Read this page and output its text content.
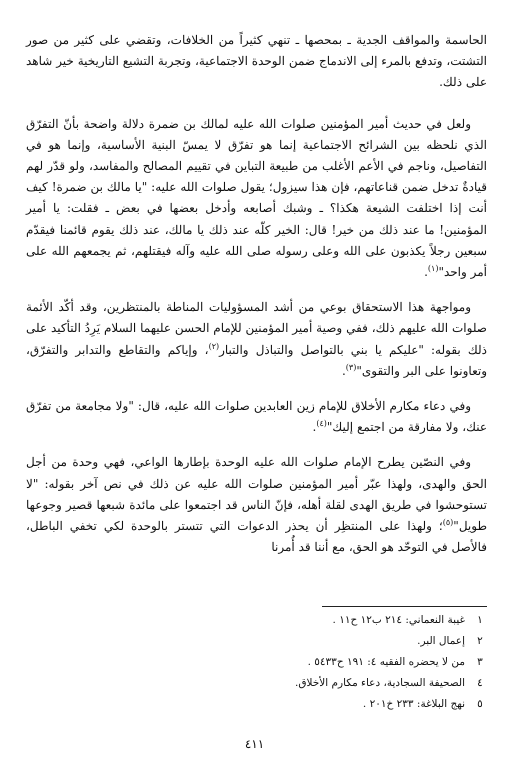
الحاسمة والمواقف الجدية ـ بمحصها ـ تنهي كثيراً من الخلافات، وتقضي على كثير من صور التشتت، وتدفع بالمرء إلى الاندماج ضمن الوحدة الاجتماعية، وتجربة التشيع التاريخية خير شاهد على ذلك.

ولعل في حديث أمير المؤمنين صلوات الله عليه لمالك بن ضمرة دلالة واضحة بأنّ التفرّق الذي نلحظه بين الشرائح الاجتماعية إنما هو تفرّق لا يمسّ البنية الأساسية، وإنما هو في التفاصيل، وناجم في الأعم الأغلب من طبيعة التباين في تقييم المصالح والمفاسد، ولو قدّر لهم قيادةٌ تدخل ضمن قناعاتهم، فإن هذا سيزول؛ يقول صلوات الله عليه: "يا مالك بن ضمرة! كيف أنت إذا اختلفت الشيعة هكذا؟ ـ وشبك أصابعه وأدخل بعضها في بعض ـ فقلت: يا أمير المؤمنين! ما عند ذلك من خير! قال: الخير كلّه عند ذلك يا مالك، عند ذلك يقوم قائمنا فيقدّم سبعين رجلاً يكذبون على الله وعلى رسوله صلى الله عليه وآله فيقتلهم، ثم يجمعهم الله على أمر واحد"$^{(١)}$.

ومواجهة هذا الاستحقاق بوعي من أشد المسؤوليات المناطة بالمنتظرين، وقد أكّد الأئمة صلوات الله عليهم ذلك، ففي وصية أمير المؤمنين للإمام الحسن عليهما السلام يَرِدُ التأكيد على ذلك بقوله: "عليكم يا بني بالتواصل والتباذل والتبار$^{(٢)}$، وإياكم والتقاطع والتدابر والتفرّق، وتعاونوا على البر والتقوى"$^{(٣)}$.

وفي دعاء مكارم الأخلاق للإمام زين العابدين صلوات الله عليه، قال: "ولا مجامعة من تفرّق عنك، ولا مفارقة من اجتمع إليك"$^{(٤)}$.

وفي النصّين يطرح الإمام صلوات الله عليه الوحدة بإطارها الواعي، فهي وحدة من أجل الحق والهدى، ولهذا عبّر أمير المؤمنين صلوات الله عليه عن ذلك في نص آخر بقوله: "لا تستوحشوا في طريق الهدى لقلة أهله، فإنّ الناس قد اجتمعوا على مائدة شبعها قصير وجوعها طويل"$^{(٥)}$؛ ولهذا على المنتظِر أن يحذر الدعوات التي تتستر بالوحدة لكي تخفي الباطل، فالأصل في التوحّد هو الحق، مع أننا قد أُمرنا

١
غيبة النعماني: ٢١٤ ب١٢ ح١١ .
٢
إعمال البر.
٣
من لا يحضره الفقيه ٤: ١٩١ ح٥٤٣٣ .
٤
الصحيفة السجادية، دعاء مكارم الأخلاق.
٥
نهج البلاغة: ٢٣٣ خ٢٠١ .
٤١١
